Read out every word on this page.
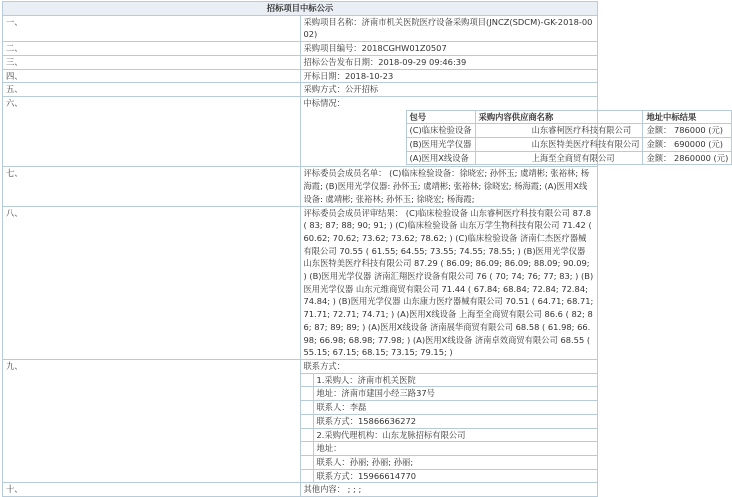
招标项目中标公示
一、	采购项目名称：济南市机关医院医疗设备采购项目(JNCZ(SDCM)-GK-2018-0002)
二、	采购项目编号：2018CGHW01Z0507
三、	招标公告发布日期：2018-09-29 09:46:39
四、	开标日期：2018-10-23
五、	采购方式：公开招标
六、	中标情况：
包号	采购内容供应商名称		地址中标结果
(C)临床检验设备	山东睿柯医疗科技有限公司	金额： 786000 (元)
(B)医用光学仪器	山东医特美医疗科技有限公司	金额： 690000 (元)
(A)医用X线设备	上海至全商贸有限公司	金额： 2860000 (元)

七、	评标委员会成员名单： (C)临床检验设备：徐晓宏; 孙怀玉; 虞靖彬; 张裕林; 杨海霞; (B)医用光学仪器: 孙怀玉; 虞靖彬; 张裕林; 徐晓宏; 杨海霞; (A)医用X线设备: 虞靖彬; 张裕林; 孙怀玉; 徐晓宏; 杨海霞;
八、	评标委员会成员评审结果： (C)临床检验设备 山东睿柯医疗科技有限公司 87.8 ( 83; 87; 88; 90; 91; ) (C)临床检验设备 山东万学生物科技有限公司 71.42 ( 60.62; 70.62; 73.62; 73.62; 78.62; ) (C)临床检验设备 济南仁杰医疗器械有限公司 70.55 ( 61.55; 64.55; 73.55; 74.55; 78.55; ) (B)医用光学仪器 山东医特美医疗科技有限公司 87.29 ( 86.09; 86.09; 86.09; 88.09; 90.09; ) (B)医用光学仪器 济南汇翔医疗设备有限公司 76 ( 70; 74; 76; 77; 83; ) (B)医用光学仪器 山东元维商贸有限公司 71.44 ( 67.84; 68.84; 72.84; 72.84; 74.84; ) (B)医用光学仪器 山东康力医疗器械有限公司 70.51 ( 64.71; 68.71; 71.71; 72.71; 74.71; ) (A)医用X线设备 上海至全商贸有限公司 86.6 ( 82; 86; 87; 89; 89; ) (A)医用X线设备 济南展华商贸有限公司 68.58 ( 61.98; 66.98; 66.98; 68.98; 77.98; ) (A)医用X线设备 济南卓效商贸有限公司 68.55 ( 55.15; 67.15; 68.15; 73.15; 79.15; )
九、		联系方式：
	1.采购人：济南市机关医院
	地址：济南市建国小经三路37号
	联系人：李磊
	联系方式：15866636272
	2.采购代理机构：山东龙脉招标有限公司
	地址：
	联系人：孙丽; 孙丽; 孙丽;
	联系方式：15966614770

十、	其他内容： ; ; ;
